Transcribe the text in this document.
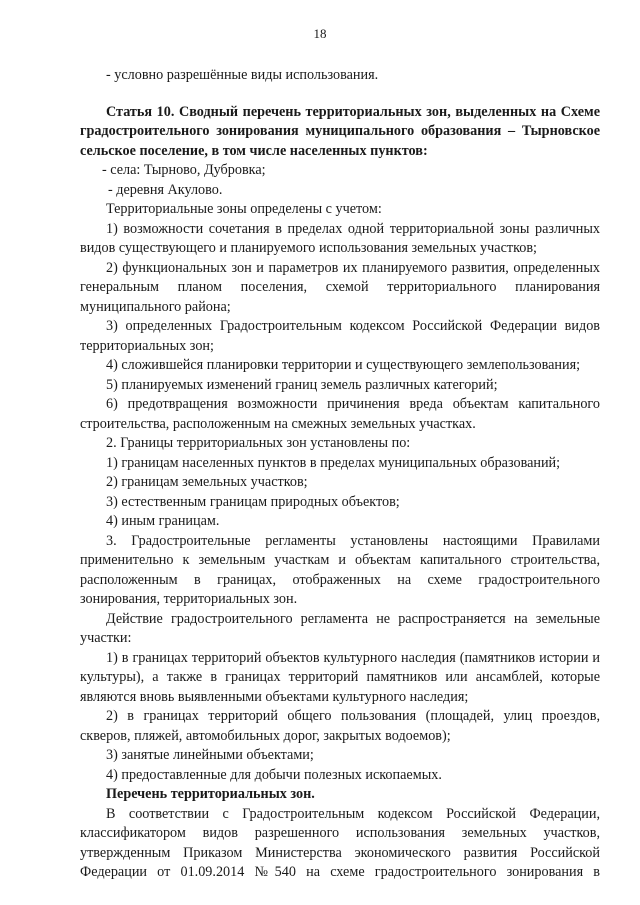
18

- условно разрешённые виды использования.

Статья 10. Сводный перечень территориальных зон, выделенных на Схеме градостроительного зонирования муниципального образования – Тырновское сельское поселение, в том числе населенных пунктов:

- села: Тырново, Дубровка;

- деревня Акулово.

Территориальные зоны определены с учетом:

1) возможности сочетания в пределах одной территориальной зоны различных видов существующего и планируемого использования земельных участков;

2) функциональных зон и параметров их планируемого развития, определенных генеральным планом поселения, схемой территориального планирования муниципального района;

3) определенных Градостроительным кодексом Российской Федерации видов территориальных зон;

4) сложившейся планировки территории и существующего землепользования;

5) планируемых изменений границ земель различных категорий;

6) предотвращения возможности причинения вреда объектам капитального строительства, расположенным на смежных земельных участках.

2. Границы территориальных зон установлены по:

1) границам населенных пунктов в пределах муниципальных образований;

2) границам земельных участков;

3) естественным границам природных объектов;

4) иным границам.

3. Градостроительные регламенты установлены настоящими Правилами применительно к земельным участкам и объектам капитального строительства, расположенным в границах, отображенных на схеме градостроительного зонирования, территориальных зон.

Действие градостроительного регламента не распространяется на земельные участки:

1) в границах территорий объектов культурного наследия (памятников истории и культуры), а также в границах территорий памятников или ансамблей, которые являются вновь выявленными объектами культурного наследия;

2) в границах территорий общего пользования (площадей, улиц проездов, скверов, пляжей, автомобильных дорог, закрытых водоемов);

3) занятые линейными объектами;

4) предоставленные для добычи полезных ископаемых.

Перечень территориальных зон.

В соответствии с Градостроительным кодексом Российской Федерации, классификатором видов разрешенного использования земельных участков, утвержденным Приказом Министерства экономического развития Российской Федерации от 01.09.2014 №540 на схеме градостроительного зонирования в
